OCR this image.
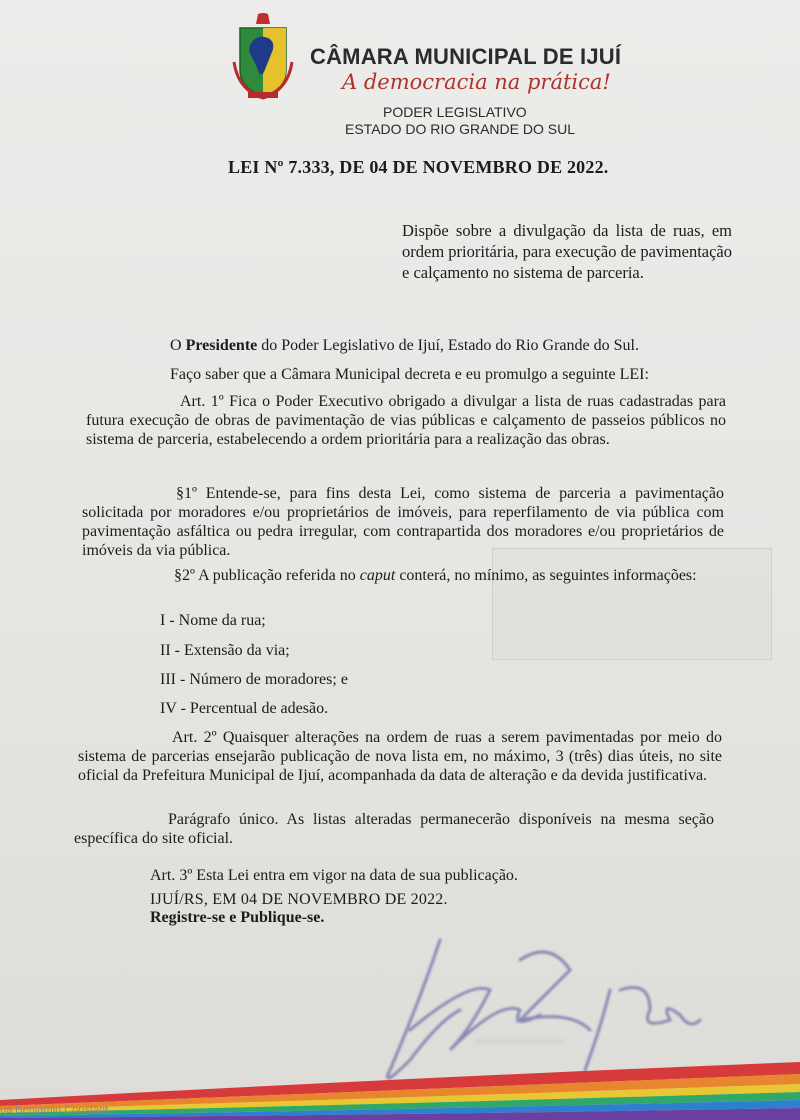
CÂMARA MUNICIPAL DE IJUÍ
A democracia na prática!
PODER LEGISLATIVO
ESTADO DO RIO GRANDE DO SUL
LEI Nº 7.333, DE 04 DE NOVEMBRO DE 2022.
Dispõe sobre a divulgação da lista de ruas, em ordem prioritária, para execução de pavimentação e calçamento no sistema de parceria.
O Presidente do Poder Legislativo de Ijuí, Estado do Rio Grande do Sul.
Faço saber que a Câmara Municipal decreta e eu promulgo a seguinte LEI:
Art. 1º Fica o Poder Executivo obrigado a divulgar a lista de ruas cadastradas para futura execução de obras de pavimentação de vias públicas e calçamento de passeios públicos no sistema de parceria, estabelecendo a ordem prioritária para a realização das obras.
§1º Entende-se, para fins desta Lei, como sistema de parceria a pavimentação solicitada por moradores e/ou proprietários de imóveis, para reperfilamento de via pública com pavimentação asfáltica ou pedra irregular, com contrapartida dos moradores e/ou proprietários de imóveis da via pública.
§2º A publicação referida no caput conterá, no mínimo, as seguintes informações:
I - Nome da rua;
II - Extensão da via;
III - Número de moradores; e
IV - Percentual de adesão.
Art. 2º Quaisquer alterações na ordem de ruas a serem pavimentadas por meio do sistema de parcerias ensejarão publicação de nova lista em, no máximo, 3 (três) dias úteis, no site oficial da Prefeitura Municipal de Ijuí, acompanhada da data de alteração e da devida justificativa.
Parágrafo único. As listas alteradas permanecerão disponíveis na mesma seção específica do site oficial.
Art. 3º Esta Lei entra em vigor na data de sua publicação.
IJUÍ/RS, EM 04 DE NOVEMBRO DE 2022.
Registre-se e Publique-se.
________________
ua Benjamin Constant
